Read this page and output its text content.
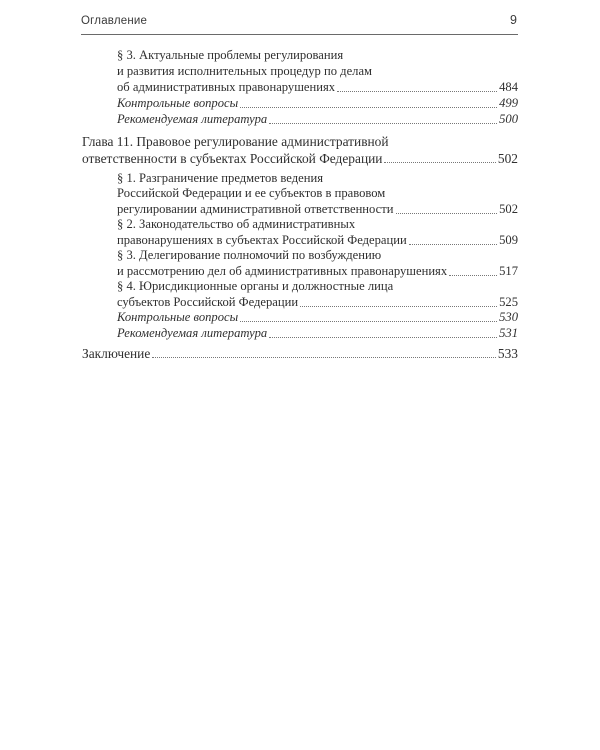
Оглавление	9
§ 3. Актуальные проблемы регулирования
и развития исполнительных процедур по делам
об административных правонарушениях	484
Контрольные вопросы	499
Рекомендуемая литература	500
Глава 11. Правовое регулирование административной
ответственности в субъектах Российской Федерации	502
§ 1. Разграничение предметов ведения
Российской Федерации и ее субъектов в правовом
регулировании административной ответственности	502
§ 2. Законодательство об административных
правонарушениях в субъектах Российской Федерации	509
§ 3. Делегирование полномочий по возбуждению
и рассмотрению дел об административных правонарушениях	517
§ 4. Юрисдикционные органы и должностные лица
субъектов Российской Федерации	525
Контрольные вопросы	530
Рекомендуемая литература	531
Заключение	533
